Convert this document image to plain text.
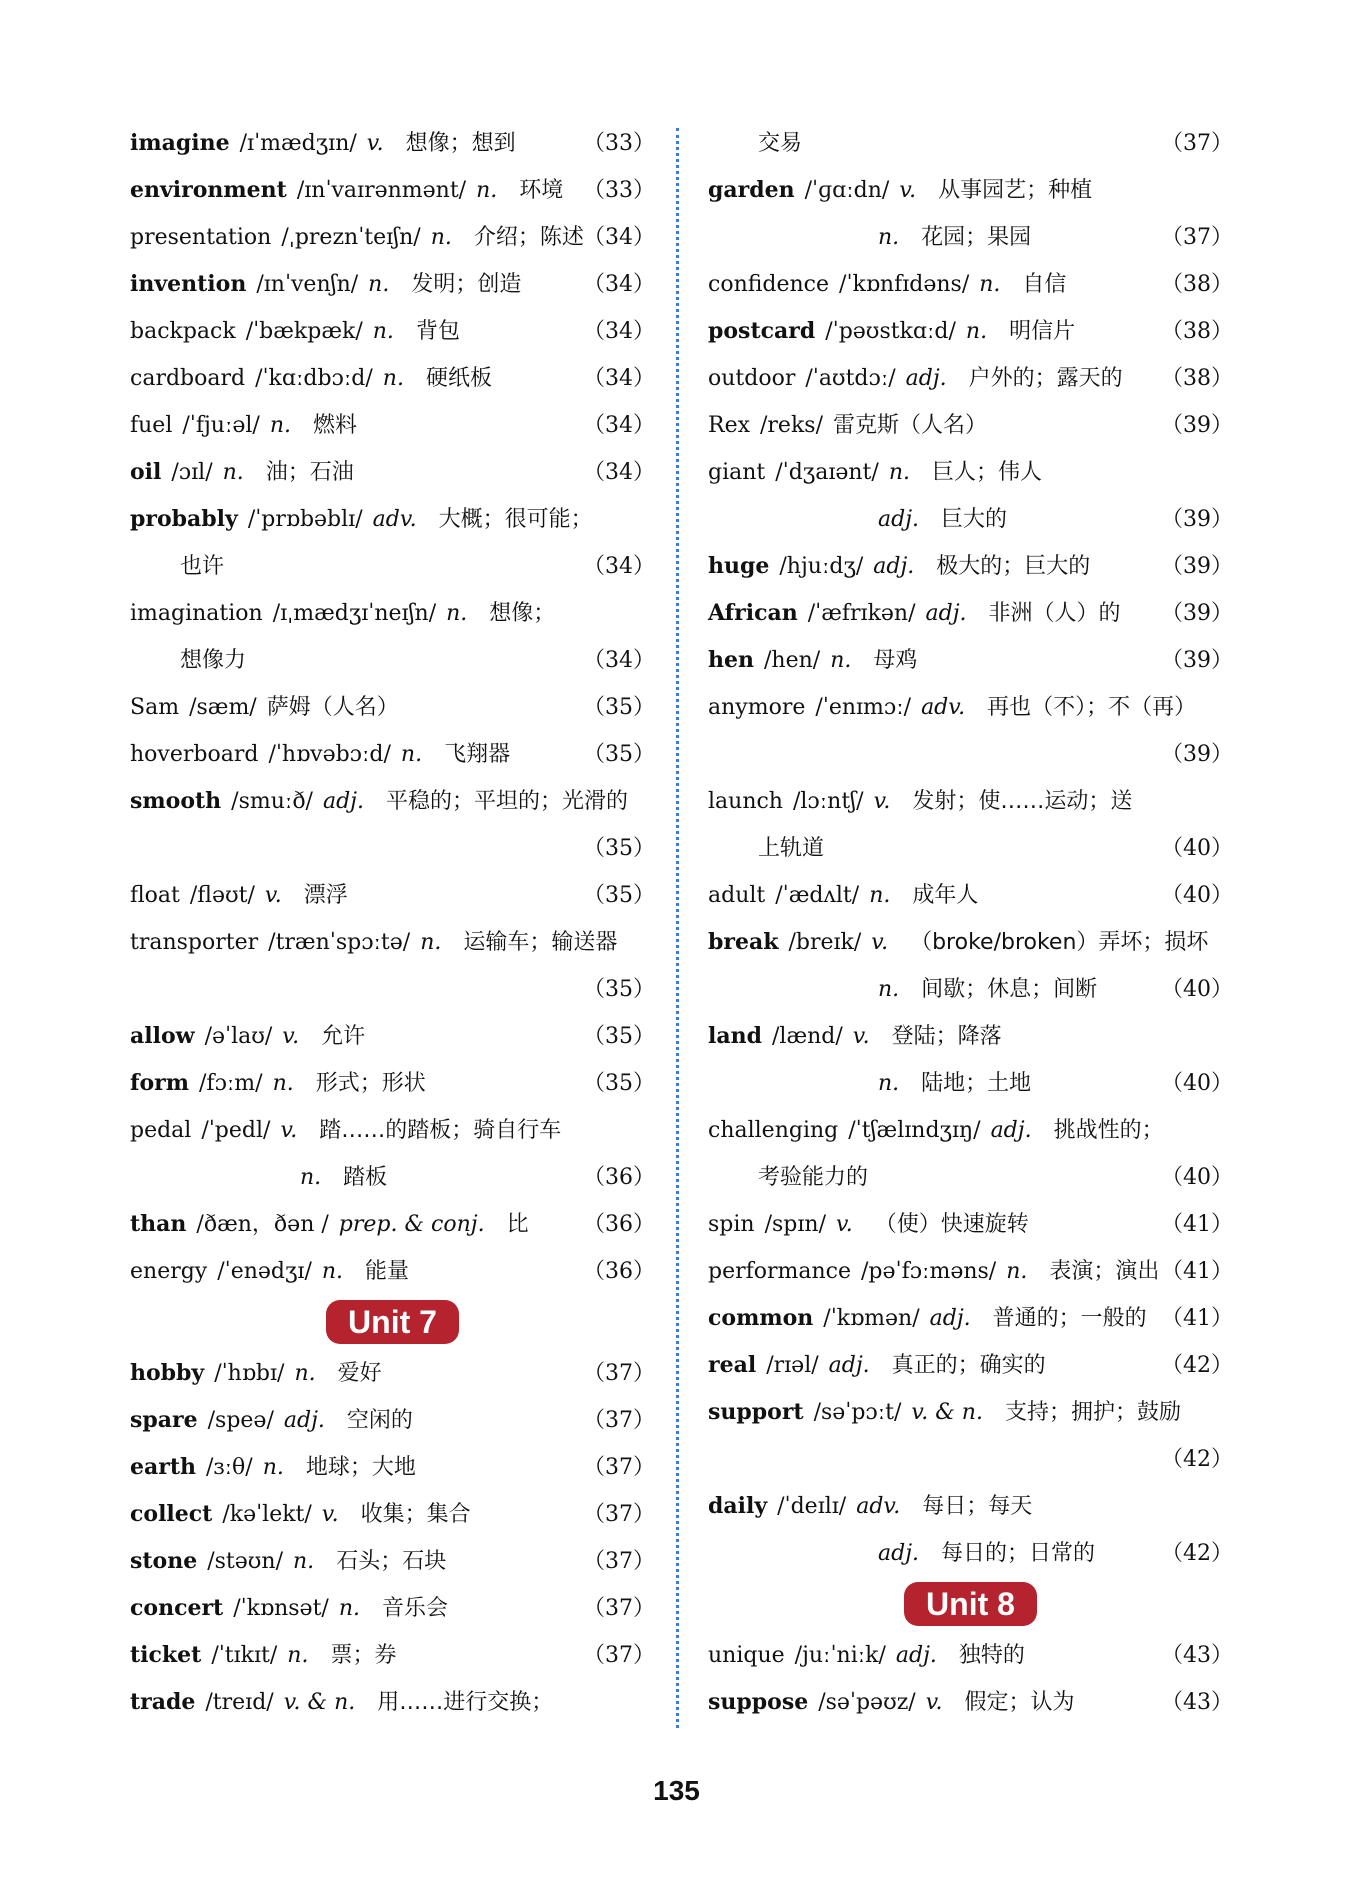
imagine /ɪˈmædʒɪn/ v. 想像；想到	（33）
environment /ɪnˈvaɪrənmənt/ n. 环境 （33）
presentation /ˌpreznˈteɪʃn/ n. 介绍；陈述 （34）
invention /ɪnˈvenʃn/ n. 发明；创造	（34）
backpack /ˈbækpæk/ n. 背包	（34）
cardboard /ˈkɑːdbɔːd/ n. 硬纸板	（34）
fuel /ˈfjuːəl/ n. 燃料	（34）
oil /ɔɪl/ n. 油；石油	（34）
probably /ˈprɒbəblɪ/ adv. 大概；很可能；
也许	（34）
imagination /ɪˌmædʒɪˈneɪʃn/ n. 想像；
想像力	（34）
Sam /sæm/ 萨姆（人名）	（35）
hoverboard /ˈhɒvəbɔːd/ n. 飞翔器	（35）
smooth /smuːð/ adj. 平稳的；平坦的；光滑的
（35）
float /fləʊt/ v. 漂浮	（35）
transporter /trænˈspɔːtə/ n. 运输车；输送器
（35）
allow /əˈlaʊ/ v. 允许	（35）
form /fɔːm/ n. 形式；形状	（35）
pedal /ˈpedl/ v. 踏……的踏板；骑自行车
n. 踏板	（36）
than /ðæn，ðən / prep. & conj. 比 （36）
energy /ˈenədʒɪ/ n. 能量	（36）
Unit 7
hobby /ˈhɒbɪ/ n. 爱好	（37）
spare /speə/ adj. 空闲的	（37）
earth /ɜːθ/ n. 地球；大地	（37）
collect /kəˈlekt/ v. 收集；集合	（37）
stone /stəʊn/ n. 石头；石块	（37）
concert /ˈkɒnsət/ n. 音乐会	（37）
ticket /ˈtɪkɪt/ n. 票；券	（37）
trade /treɪd/ v. & n. 用……进行交换；
交易	（37）
garden /ˈɡɑːdn/ v. 从事园艺；种植
n. 花园；果园	（37）
confidence /ˈkɒnfɪdəns/ n. 自信	（38）
postcard /ˈpəʊstkɑːd/ n. 明信片	（38）
outdoor /ˈaʊtdɔː/ adj. 户外的；露天的 （38）
Rex /reks/ 雷克斯（人名）	（39）
giant /ˈdʒaɪənt/ n. 巨人；伟人
adj. 巨大的	（39）
huge /hjuːdʒ/ adj. 极大的；巨大的	（39）
African /ˈæfrɪkən/ adj. 非洲（人）的 （39）
hen /hen/ n. 母鸡	（39）
anymore /ˈenɪmɔː/ adv. 再也（不）；不（再）
（39）
launch /lɔːntʃ/ v. 发射；使……运动；送
上轨道	（40）
adult /ˈædʌlt/ n. 成年人	（40）
break /breɪk/ v. （broke/broken）弄坏；损坏
n. 间歇；休息；间断	（40）
land /lænd/ v. 登陆；降落
n. 陆地；土地	（40）
challenging /ˈtʃælɪndʒɪŋ/ adj. 挑战性的；
考验能力的	（40）
spin /spɪn/ v. （使）快速旋转	（41）
performance /pəˈfɔːməns/ n. 表演；演出 （41）
common /ˈkɒmən/ adj. 普通的；一般的 （41）
real /rɪəl/ adj. 真正的；确实的	（42）
support /səˈpɔːt/ v. & n. 支持；拥护；鼓励
（42）
daily /ˈdeɪlɪ/ adv. 每日；每天
adj. 每日的；日常的	（42）
Unit 8
unique /juːˈniːk/ adj. 独特的	（43）
suppose /səˈpəʊz/ v. 假定；认为	（43）
135
